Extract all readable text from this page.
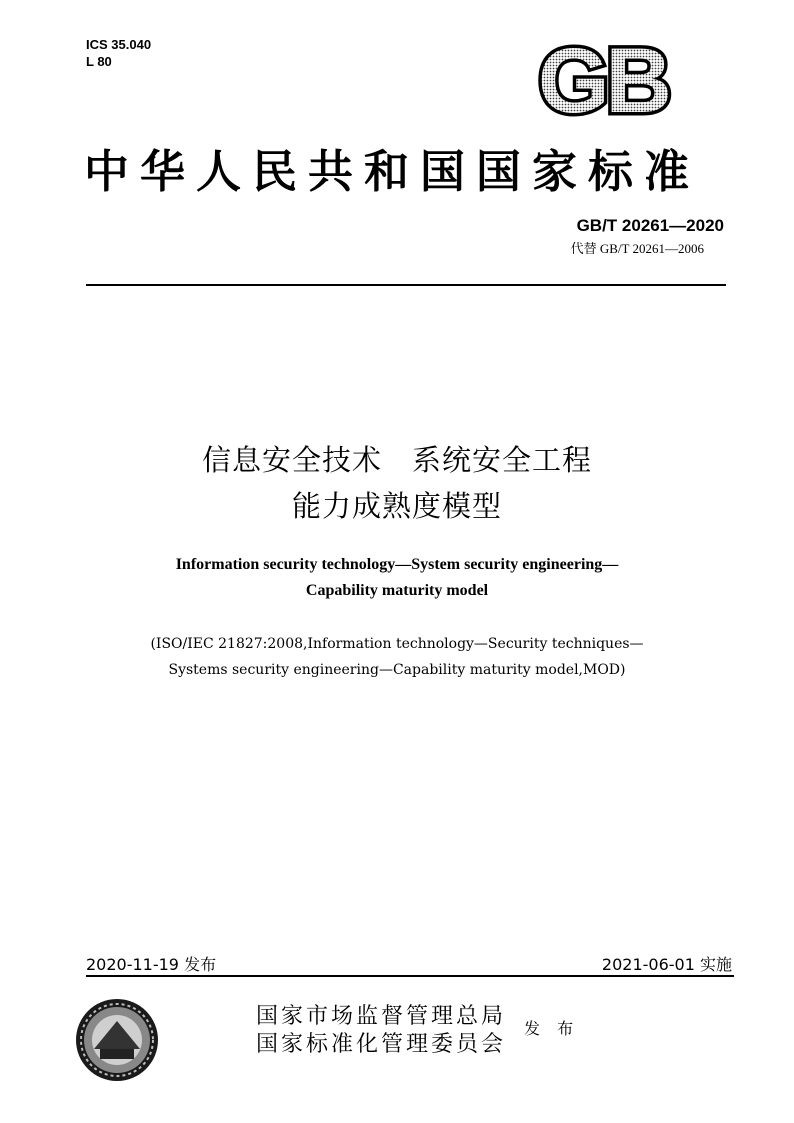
ICS 35.040
L 80	GB
中华人民共和国国家标准
GB/T 20261—2020
代替 GB/T 20261—2006
信息安全技术　系统安全工程
能力成熟度模型
Information security technology—System security engineering—
Capability maturity model
(ISO/IEC 21827:2008,Information technology—Security techniques—
Systems security engineering—Capability maturity model,MOD)
2020-11-19 发布	2021-06-01 实施
国家市场监督管理总局
国家标准化管理委员会
发 布
